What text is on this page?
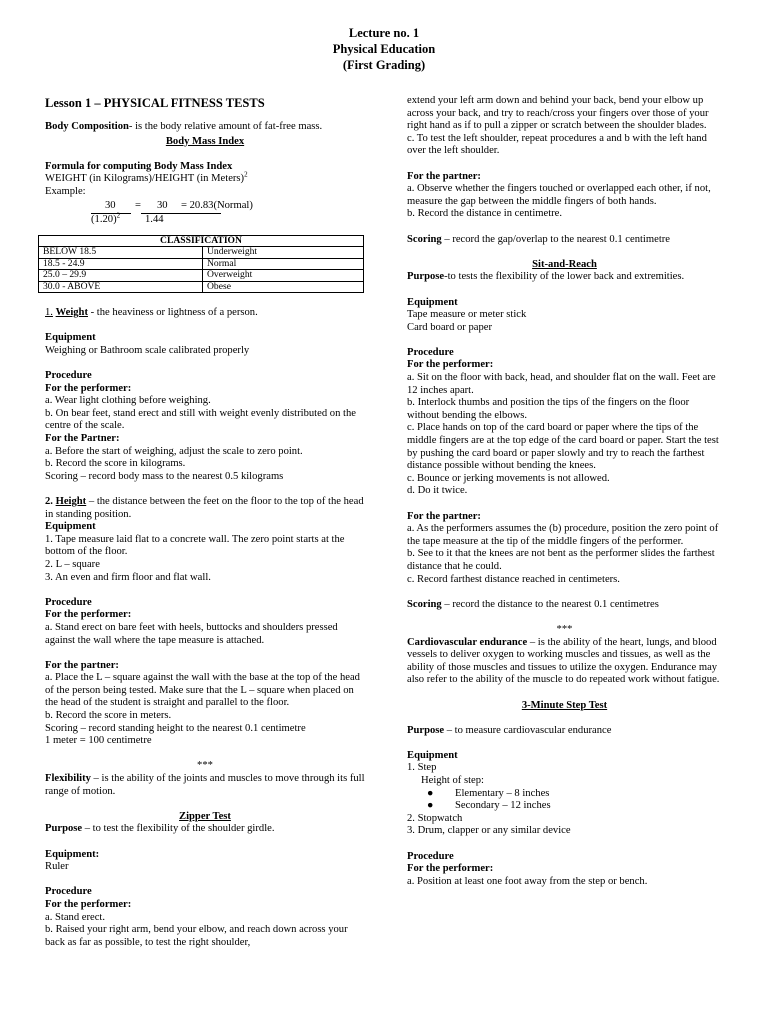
Lecture no. 1
Physical Education
(First Grading)

Lesson 1 – PHYSICAL FITNESS TESTS

Body Composition- is the body relative amount of fat-free mass.

Body Mass Index

Formula for computing Body Mass Index

WEIGHT (in Kilograms)/HEIGHT (in Meters)$^2$

Example:

30 = 30 = 20.83(Normal)
$(1.20)^2$	1.44
CLASSIFICATION	
BELOW 18.5	Underweight
18.5 - 24.9	Normal
25.0 – 29.9	Overweight
30.0 - ABOVE	Obese

1. Weight - the heaviness or lightness of a person.

Equipment

Weighing or Bathroom scale calibrated properly

Procedure

For the performer:

a. Wear light clothing before weighing.

b. On bear feet, stand erect and still with weight evenly distributed on the centre of the scale.

For the Partner:

a. Before the start of weighing, adjust the scale to zero point.

b. Record the score in kilograms.

Scoring – record body mass to the nearest 0.5 kilograms

2. Height – the distance between the feet on the floor to the top of the head in standing position.

Equipment

1. Tape measure laid flat to a concrete wall. The zero point starts at the bottom of the floor.

2. L – square

3. An even and firm floor and flat wall.

Procedure

For the performer:

a. Stand erect on bare feet with heels, buttocks and shoulders pressed against the wall where the tape measure is attached.

For the partner:

a. Place the L – square against the wall with the base at the top of the head of the person being tested. Make sure that the L – square when placed on the head of the student is straight and parallel to the floor.

b. Record the score in meters.

Scoring – record standing height to the nearest 0.1 centimetre

1 meter = 100 centimetre

***

Flexibility – is the ability of the joints and muscles to move through its full range of motion.

Zipper Test

Purpose – to test the flexibility of the shoulder girdle.

Equipment:

Ruler

Procedure

For the performer:

a. Stand erect.

b. Raised your right arm, bend your elbow, and reach down across your back as far as possible, to test the right shoulder,

extend your left arm down and behind your back, bend your elbow up across your back, and try to reach/cross your fingers over those of your right hand as if to pull a zipper or scratch between the shoulder blades.

c. To test the left shoulder, repeat procedures a and b with the left hand over the left shoulder.

For the partner:

a. Observe whether the fingers touched or overlapped each other, if not, measure the gap between the middle fingers of both hands.

b. Record the distance in centimetre.

Scoring – record the gap/overlap to the nearest 0.1 centimetre

Sit-and-Reach

Purpose-to tests the flexibility of the lower back and extremities.

Equipment

Tape measure or meter stick

Card board or paper

Procedure

For the performer:

a. Sit on the floor with back, head, and shoulder flat on the wall. Feet are 12 inches apart.

b. Interlock thumbs and position the tips of the fingers on the floor without bending the elbows.

c. Place hands on top of the card board or paper where the tips of the middle fingers are at the top edge of the card board or paper. Start the test by pushing the card board or paper slowly and try to reach the farthest distance possible without bending the knees.

c. Bounce or jerking movements is not allowed.

d. Do it twice.

For the partner:

a. As the performers assumes the (b) procedure, position the zero point of the tape measure at the tip of the middle fingers of the performer.

b. See to it that the knees are not bent as the performer slides the farthest distance that he could.

c. Record farthest distance reached in centimeters.

Scoring – record the distance to the nearest 0.1 centimetres

***

Cardiovascular endurance – is the ability of the heart, lungs, and blood vessels to deliver oxygen to working muscles and tissues, as well as the ability of those muscles and tissues to utilize the oxygen. Endurance may also refer to the ability of the muscle to do repeated work without fatigue.

3-Minute Step Test

Purpose – to measure cardiovascular endurance

Equipment

1. Step

Height of step:

● Elementary – 8 inches

● Secondary – 12 inches

2. Stopwatch

3. Drum, clapper or any similar device

Procedure

For the performer:

a. Position at least one foot away from the step or bench.
